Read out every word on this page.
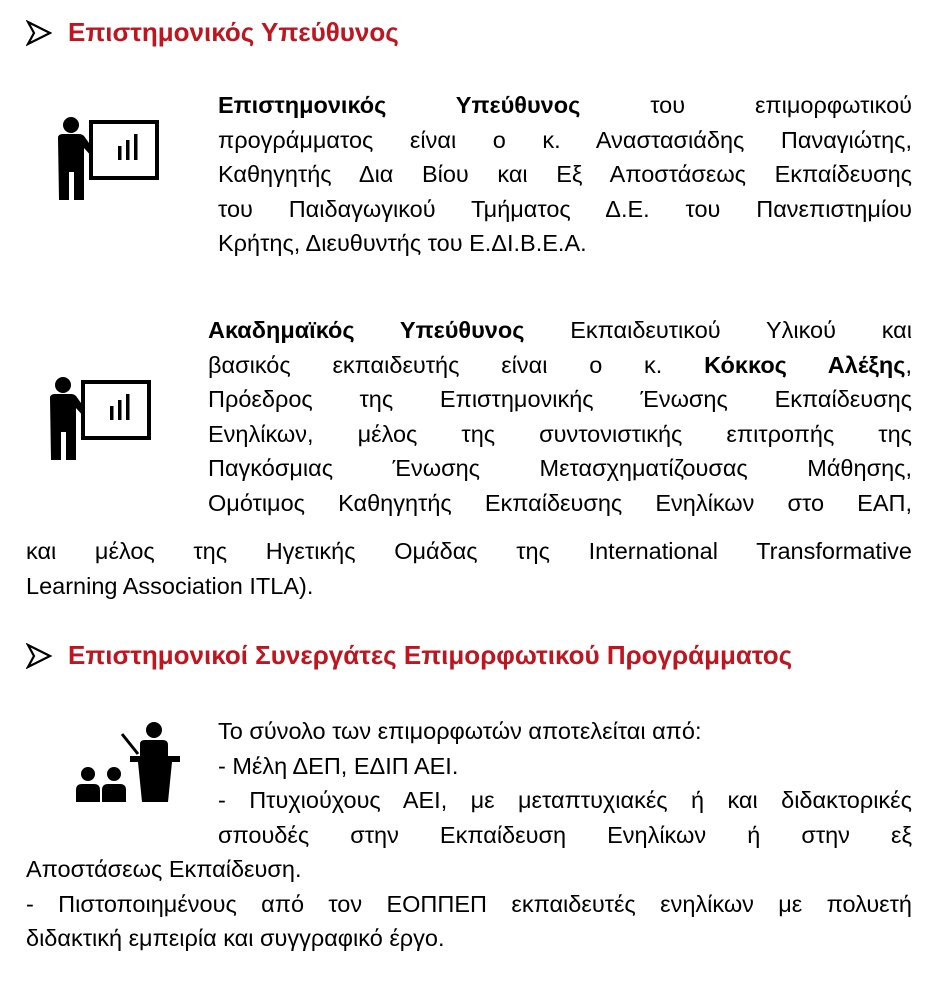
Επιστημονικός Υπεύθυνος
Επιστημονικός Υπεύθυνος του επιμορφωτικού
προγράμματος είναι ο κ. Αναστασιάδης Παναγιώτης,
Καθηγητής Δια Βίου και Εξ Αποστάσεως Εκπαίδευσης
του Παιδαγωγικού Τμήματος Δ.Ε. του Πανεπιστημίου
Κρήτης, Διευθυντής του Ε.ΔΙ.Β.Ε.Α.
Ακαδημαϊκός Υπεύθυνος Εκπαιδευτικού Υλικού και
βασικός εκπαιδευτής είναι ο κ. Κόκκος Αλέξης,
Πρόεδρος της Επιστημονικής Ένωσης Εκπαίδευσης
Ενηλίκων, μέλος της συντονιστικής επιτροπής της
Παγκόσμιας Ένωσης Μετασχηματίζουσας Μάθησης,
Ομότιμος Καθηγητής Εκπαίδευσης Ενηλίκων στο ΕΑΠ,
και μέλος της Ηγετικής Ομάδας της International Transformative
Learning Association ITLA).
Επιστημονικοί Συνεργάτες Επιμορφωτικού Προγράμματος
Το σύνολο των επιμορφωτών αποτελείται από:
- Μέλη ΔΕΠ, ΕΔΙΠ ΑΕΙ.
- Πτυχιούχους ΑΕΙ, με μεταπτυχιακές ή και διδακτορικές
σπουδές στην Εκπαίδευση Ενηλίκων ή στην εξ
Αποστάσεως Εκπαίδευση.
- Πιστοποιημένους από τον ΕΟΠΠΕΠ εκπαιδευτές ενηλίκων με πολυετή
διδακτική εμπειρία και συγγραφικό έργο.
